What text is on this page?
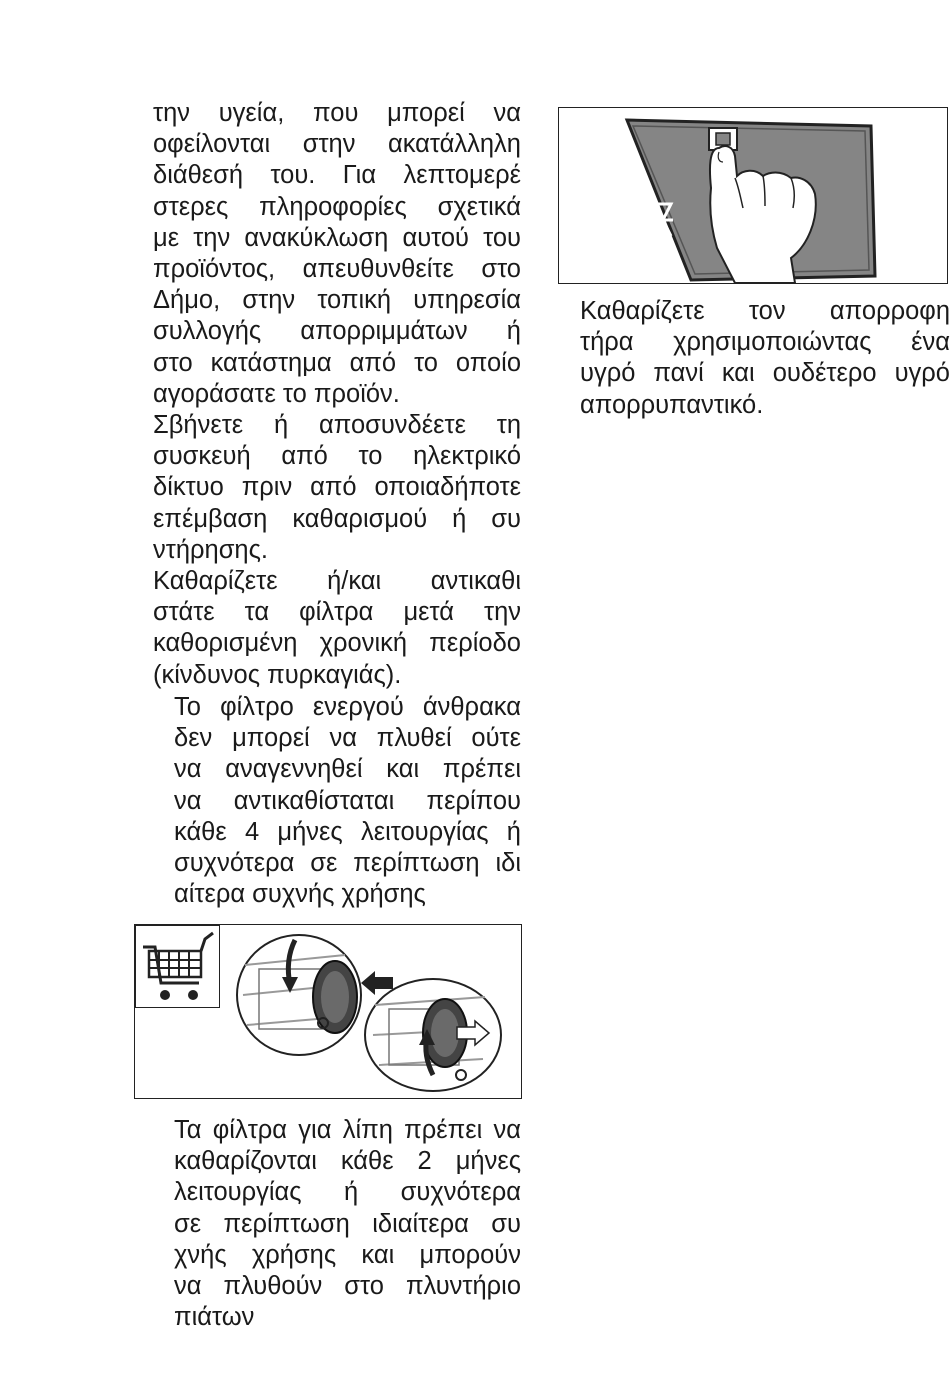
την υγεία, που μπορεί να
οφείλονται στην ακατάλληλη
διάθεσή του. Για λεπτομερέ
στερες πληροφορίες σχετικά
με την ανακύκλωση αυτού του
προϊόντος, απευθυνθείτε στο
Δήμο, στην τοπική υπηρεσία
συλλογής απορριμμάτων ή
στο κατάστημα από το οποίο
αγοράσατε το προϊόν.
Σβήνετε ή αποσυνδέετε τη
συσκευή από το ηλεκτρικό
δίκτυο πριν από οποιαδήποτε
επέμβαση καθαρισμού ή συ
ντήρησης.
Καθαρίζετε ή/και αντικαθι
στάτε τα φίλτρα μετά την
καθορισμένη χρονική περίοδο
(κίνδυνος πυρκαγιάς).
Το φίλτρο ενεργού άνθρακα
δεν μπορεί να πλυθεί ούτε
να αναγεννηθεί και πρέπει
να αντικαθίσταται περίπου
κάθε 4 μήνες λειτουργίας ή
συχνότερα σε περίπτωση ιδι
αίτερα συχνής χρήσης
Τα φίλτρα για λίπη πρέπει να
καθαρίζονται κάθε 2 μήνες
λειτουργίας ή συχνότερα
σε περίπτωση ιδιαίτερα συ
χνής χρήσης και μπορούν
να πλυθούν στο πλυντήριο
πιάτων
Καθαρίζετε τον απορροφη
τήρα χρησιμοποιώντας ένα
υγρό πανί και ουδέτερο υγρό
απορρυπαντικό.
